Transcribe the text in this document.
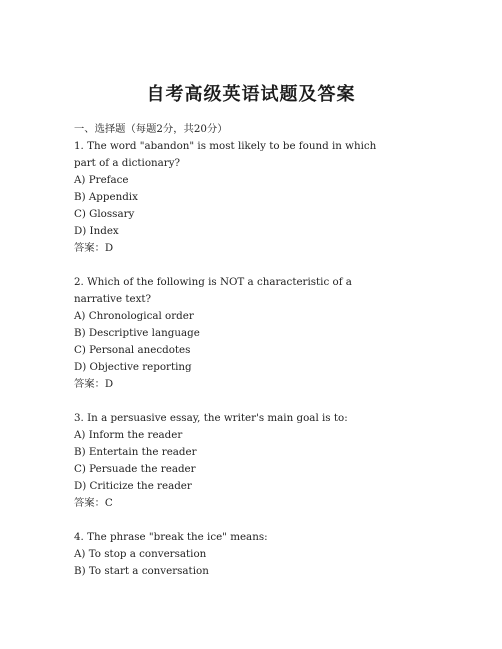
自考高级英语试题及答案
一、选择题（每题2分，共20分）
1. The word "abandon" is most likely to be found in which
part of a dictionary?
A) Preface
B) Appendix
C) Glossary
D) Index
答案：D
2. Which of the following is NOT a characteristic of a
narrative text?
A) Chronological order
B) Descriptive language
C) Personal anecdotes
D) Objective reporting
答案：D
3. In a persuasive essay, the writer's main goal is to:
A) Inform the reader
B) Entertain the reader
C) Persuade the reader
D) Criticize the reader
答案：C
4. The phrase "break the ice" means:
A) To stop a conversation
B) To start a conversation
